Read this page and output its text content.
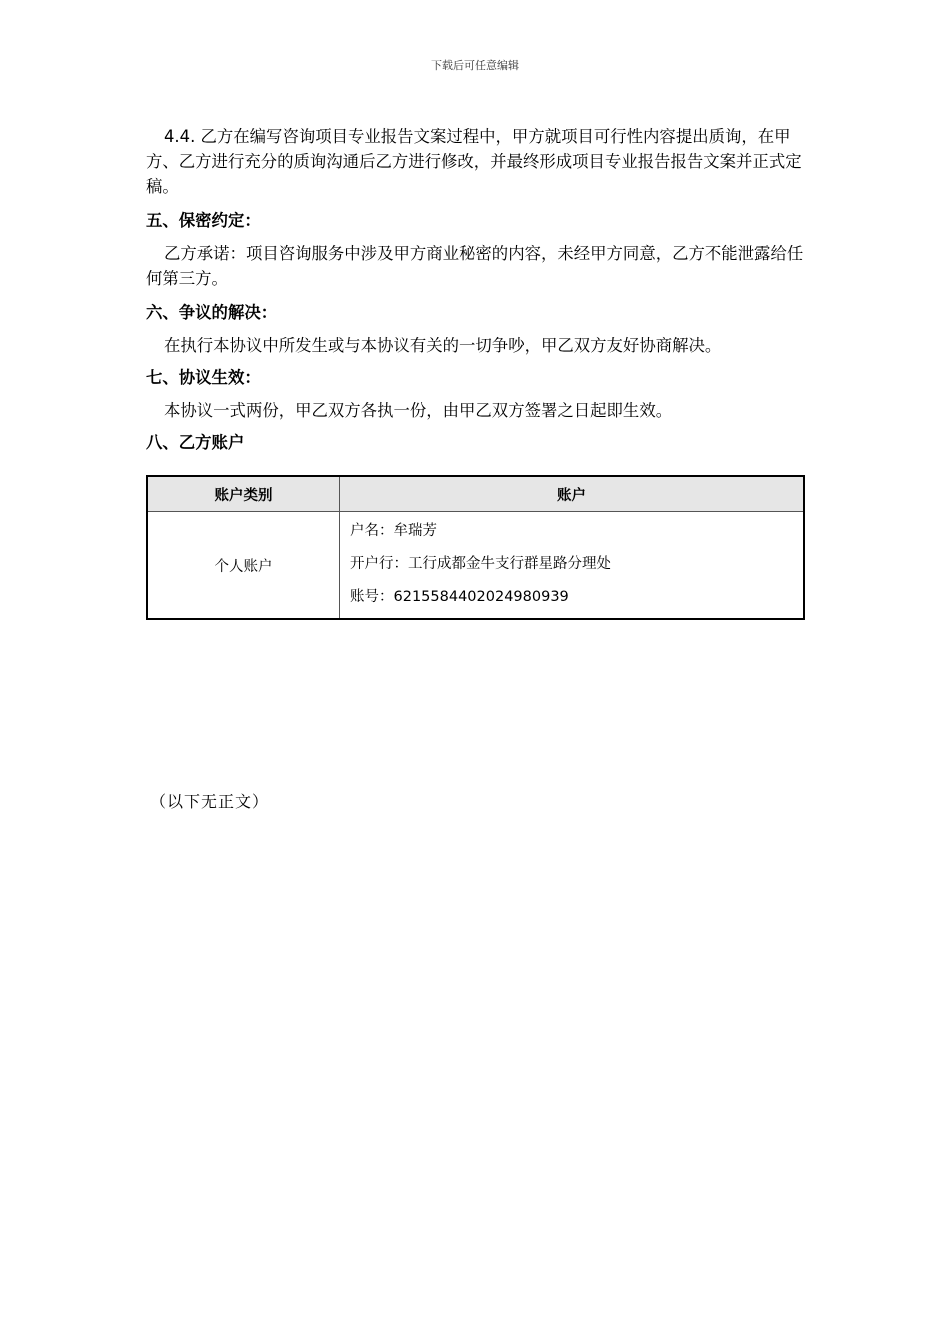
下载后可任意编辑

4.4. 乙方在编写咨询项目专业报告文案过程中，甲方就项目可行性内容提出质询，在甲方、乙方进行充分的质询沟通后乙方进行修改，并最终形成项目专业报告报告文案并正式定稿。

五、保密约定：

乙方承诺：项目咨询服务中涉及甲方商业秘密的内容，未经甲方同意，乙方不能泄露给任何第三方。

六、争议的解决：

在执行本协议中所发生或与本协议有关的一切争吵，甲乙双方友好协商解决。

七、协议生效：

本协议一式两份，甲乙双方各执一份，由甲乙双方签署之日起即生效。

八、乙方账户

账户类别	账户
个人账户	户名：牟瑞芳
开户行：工行成都金牛支行群星路分理处
账号：6215584402024980939
（以下无正文）
